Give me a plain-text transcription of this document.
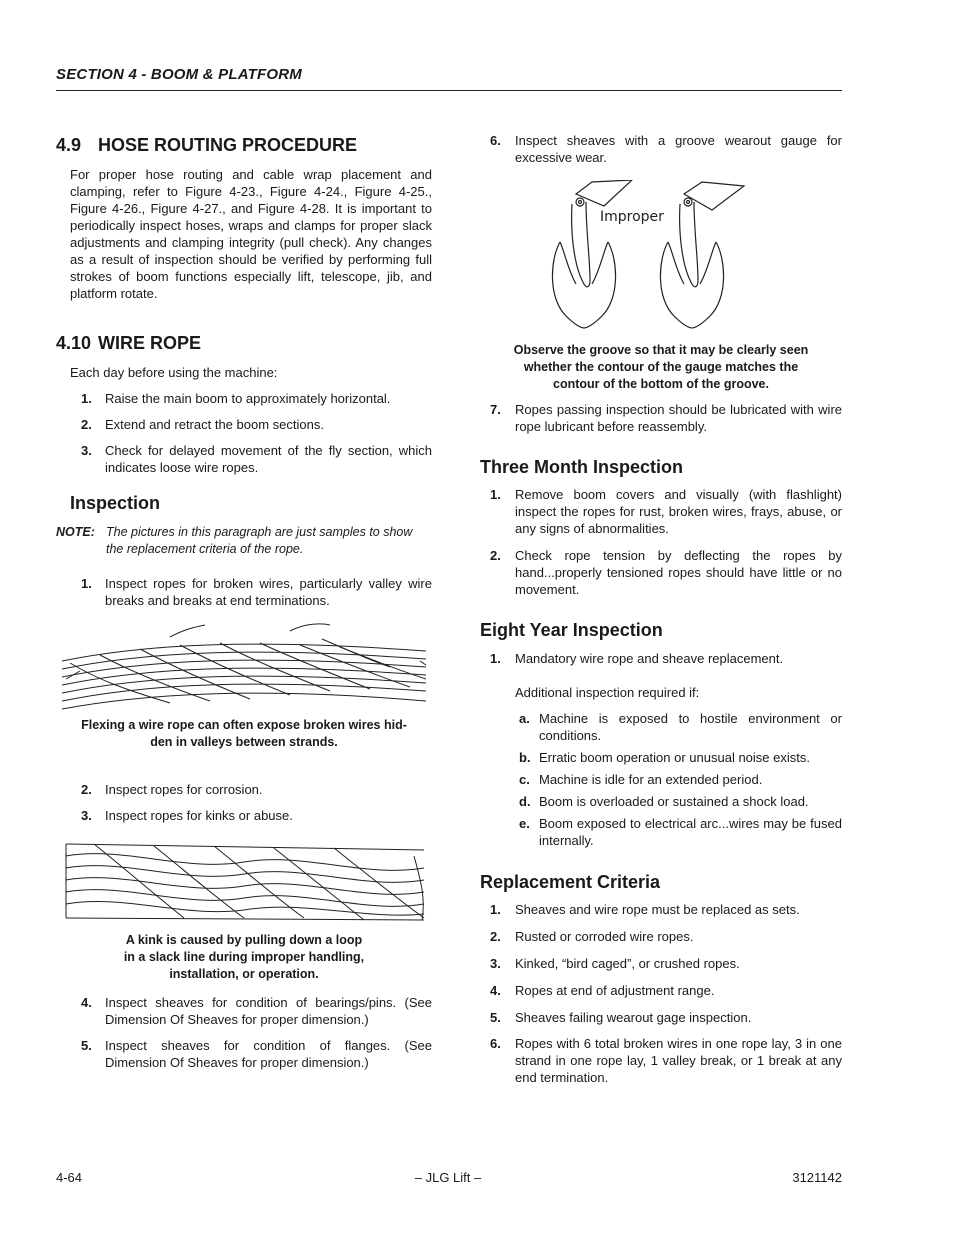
SECTION 4 - BOOM & PLATFORM
4.9 HOSE ROUTING PROCEDURE

For proper hose routing and cable wrap placement and clamping, refer to Figure 4-23., Figure 4-24., Figure 4-25., Figure 4-26., Figure 4-27., and Figure 4-28. It is important to periodically inspect hoses, wraps and clamps for proper slack adjustments and clamping integrity (pull check). Any changes as a result of inspection should be verified by performing full strokes of boom functions especially lift, telescope, jib, and platform rotate.

4.10 WIRE ROPE

Each day before using the machine:

1. Raise the main boom to approximately horizontal.
2. Extend and retract the boom sections.
3. Check for delayed movement of the fly section, which indicates loose wire ropes.
Inspection
NOTE: The pictures in this paragraph are just samples to show the replacement criteria of the rope.
1. Inspect ropes for broken wires, particularly valley wire breaks and breaks at end terminations.
Flexing a wire rope can often expose broken wires hid-
den in valleys between strands.
2. Inspect ropes for corrosion.
3. Inspect ropes for kinks or abuse.
A kink is caused by pulling down a loop
in a slack line during improper handling,
installation, or operation.
4. Inspect sheaves for condition of bearings/pins. (See Dimension Of Sheaves for proper dimension.)
5. Inspect sheaves for condition of flanges. (See Dimension Of Sheaves for proper dimension.)
6. Inspect sheaves with a groove wearout gauge for excessive wear.
Improper
Observe the groove so that it may be clearly seen
whether the contour of the gauge matches the
contour of the bottom of the groove.
7. Ropes passing inspection should be lubricated with wire rope lubricant before reassembly.
Three Month Inspection
1. Remove boom covers and visually (with flashlight) inspect the ropes for rust, broken wires, frays, abuse, or any signs of abnormalities.
2. Check rope tension by deflecting the ropes by hand...properly tensioned ropes should have little or no movement.
Eight Year Inspection
1. Mandatory wire rope and sheave replacement.
Additional inspection required if:
a. Machine is exposed to hostile environment or conditions.
b. Erratic boom operation or unusual noise exists.
c. Machine is idle for an extended period.
d. Boom is overloaded or sustained a shock load.
e. Boom exposed to electrical arc...wires may be fused internally.
Replacement Criteria
1. Sheaves and wire rope must be replaced as sets.
2. Rusted or corroded wire ropes.
3. Kinked, “bird caged”, or crushed ropes.
4. Ropes at end of adjustment range.
5. Sheaves failing wearout gage inspection.
6. Ropes with 6 total broken wires in one rope lay, 3 in one strand in one rope lay, 1 valley break, or 1 break at any end termination.
4-64	– JLG Lift –	3121142
